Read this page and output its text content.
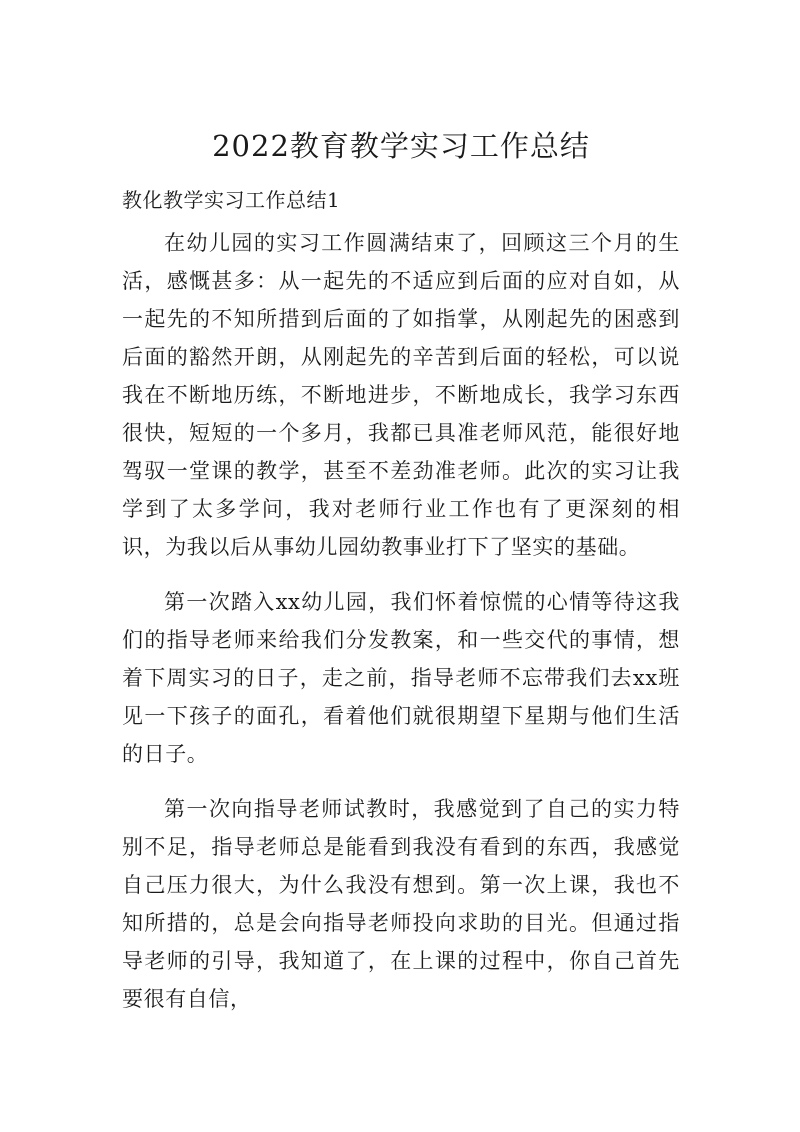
2022教育教学实习工作总结
教化教学实习工作总结1

在幼儿园的实习工作圆满结束了，回顾这三个月的生活，感慨甚多：从一起先的不适应到后面的应对自如，从一起先的不知所措到后面的了如指掌，从刚起先的困惑到后面的豁然开朗，从刚起先的辛苦到后面的轻松，可以说我在不断地历练，不断地进步，不断地成长，我学习东西很快，短短的一个多月，我都已具准老师风范，能很好地驾驭一堂课的教学，甚至不差劲准老师。此次的实习让我学到了太多学问，我对老师行业工作也有了更深刻的相识，为我以后从事幼儿园幼教事业打下了坚实的基础。

第一次踏入xx幼儿园，我们怀着惊慌的心情等待这我们的指导老师来给我们分发教案，和一些交代的事情，想着下周实习的日子，走之前，指导老师不忘带我们去xx班见一下孩子的面孔，看着他们就很期望下星期与他们生活的日子。

第一次向指导老师试教时，我感觉到了自己的实力特别不足，指导老师总是能看到我没有看到的东西，我感觉自己压力很大，为什么我没有想到。第一次上课，我也不知所措的，总是会向指导老师投向求助的目光。但通过指导老师的引导，我知道了，在上课的过程中，你自己首先要很有自信，
